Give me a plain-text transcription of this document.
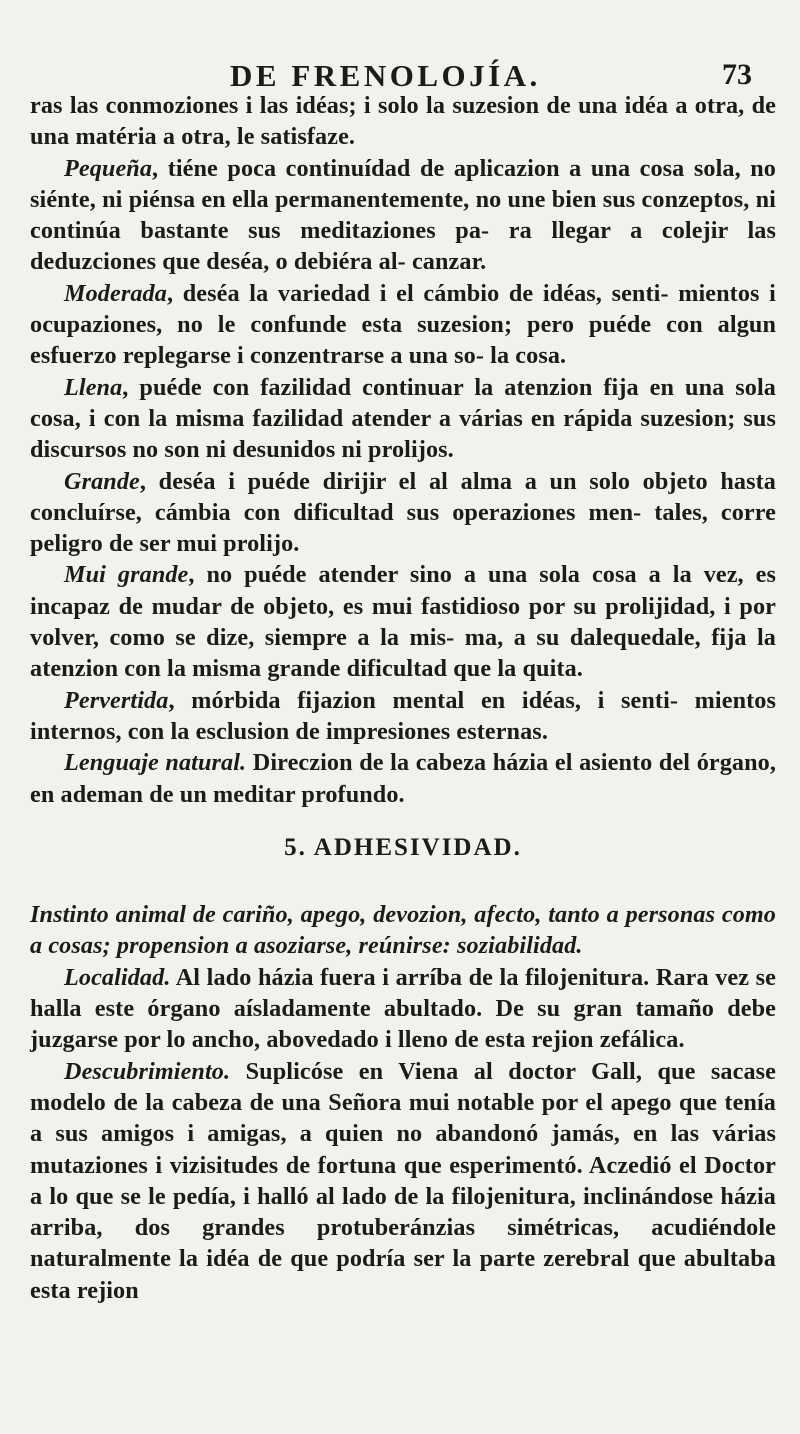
DE FRENOLOJÍA.	73

ras las conmoziones i las idéas; i solo la suzesion de una idéa a otra, de una matéria a otra, le satisfaze.

Pequeña, tiéne poca continuídad de aplicazion a una cosa sola, no siénte, ni piénsa en ella permanentemente, no une bien sus conzeptos, ni continúa bastante sus meditaziones pa- ra llegar a colejir las deduzciones que deséa, o debiéra al- canzar.

Moderada, deséa la variedad i el cámbio de idéas, senti- mientos i ocupaziones, no le confunde esta suzesion; pero puéde con algun esfuerzo replegarse i conzentrarse a una so- la cosa.

Llena, puéde con fazilidad continuar la atenzion fija en una sola cosa, i con la misma fazilidad atender a várias en rápida suzesion; sus discursos no son ni desunidos ni prolijos.

Grande, deséa i puéde dirijir el al alma a un solo objeto hasta concluírse, cámbia con dificultad sus operaziones men- tales, corre peligro de ser mui prolijo.

Mui grande, no puéde atender sino a una sola cosa a la vez, es incapaz de mudar de objeto, es mui fastidioso por su prolijidad, i por volver, como se dize, siempre a la mis- ma, a su dalequedale, fija la atenzion con la misma grande dificultad que la quita.

Pervertida, mórbida fijazion mental en idéas, i senti- mientos internos, con la esclusion de impresiones esternas.

Lenguaje natural. Direczion de la cabeza házia el asiento del órgano, en ademan de un meditar profundo.

5. ADHESIVIDAD.

Instinto animal de cariño, apego, devozion, afecto, tanto a personas como a cosas; propension a asoziarse, reúnirse: soziabilidad.

Localidad. Al lado házia fuera i arríba de la filojenitura. Rara vez se halla este órgano aísladamente abultado. De su gran tamaño debe juzgarse por lo ancho, abovedado i lleno de esta rejion zefálica.

Descubrimiento. Suplicóse en Viena al doctor Gall, que sacase modelo de la cabeza de una Señora mui notable por el apego que tenía a sus amigos i amigas, a quien no abandonó jamás, en las várias mutaziones i vizisitudes de fortuna que esperimentó. Aczedió el Doctor a lo que se le pedía, i halló al lado de la filojenitura, inclinándose házia arriba, dos grandes protuberánzias simétricas, acudiéndole naturalmente la idéa de que podría ser la parte zerebral que abultaba esta rejion
